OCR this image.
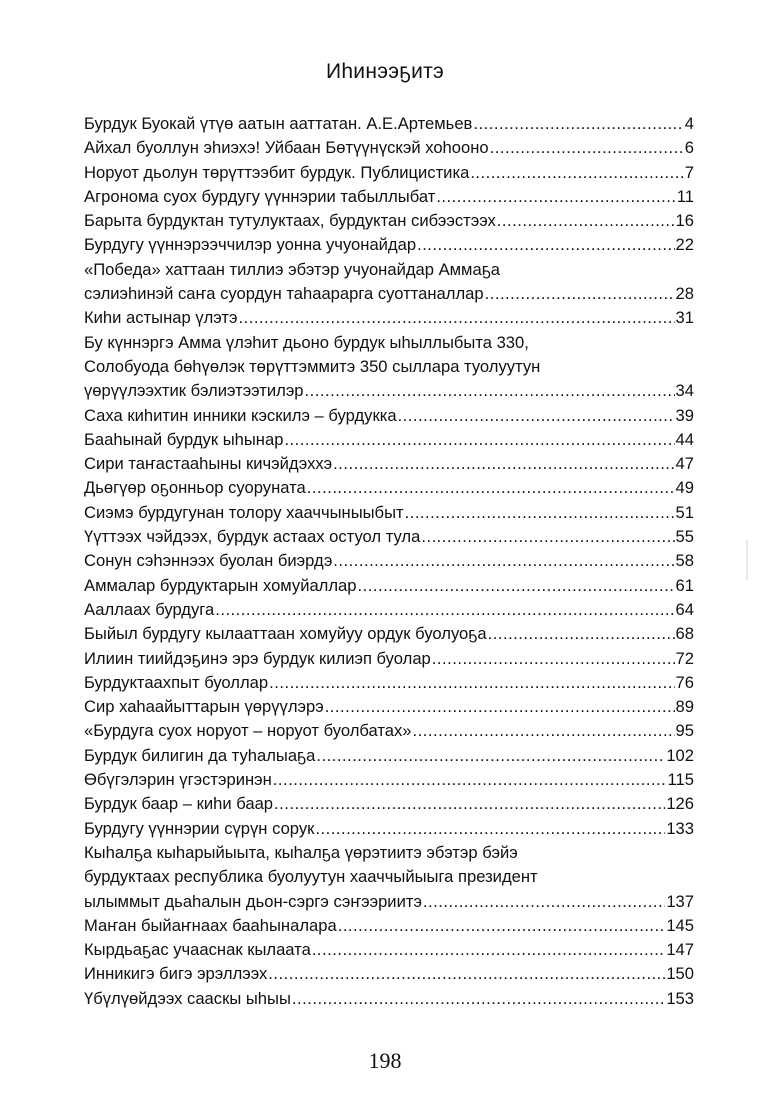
Иhинээҕитэ
Бурдук Буокай үтүө аатын ааттатан. А.Е.Артемьев .....	4
Айхал буоллун эhиэхэ! Уйбаан Бөтүүнүскэй хоhооно .....	6
Норуот дьолун төрүттээбит бурдук. Публицистика .....	7
Агронома суох бурдугу үүннэрии табыллыбат .....	11
Барыта бурдуктан тутулуктаах, бурдуктан сибээстээх .....	16
Бурдугу үүннэрээччилэр уонна учуонайдар .....	22
«Победа» хаттаан тиллиэ эбэтэр учуонайдар Аммаҕа
сэлиэhинэй саҥа суордун таhаарарга суоттаналлар .....	28
Киhи астынар үлэтэ .....	31
Бу күннэргэ Амма үлэhит дьоно бурдук ыhыллыбыта 330,
Солобуода бөhүөлэк төрүттэммитэ 350 сыллара туолуутун
үөрүүлээхтик бэлиэтээтилэр .....	34
Саха киhитин инники кэскилэ – бурдукка .....	39
Бааhынай бурдук ыhынар .....	44
Сири таҥастааhыны кичэйдэххэ .....	47
Дьөгүөр оҕонньор суоруната .....	49
Сиэмэ бурдугунан толору хааччыныыбыт .....	51
Үүттээх чэйдээх, бурдук астаах остуол тула .....	55
Сонун сэhэннээх буолан биэрдэ .....	58
Аммалар бурдуктарын хомуйаллар .....	61
Ааллаах бурдуга .....	64
Быйыл бурдугу кылааттаан хомуйуу ордук буолуоҕа .....	68
Илиин тиийдэҕинэ эрэ бурдук килиэп буолар .....	72
Бурдуктаахпыт буоллар .....	76
Сир хаhаайыттарын үөрүүлэрэ .....	89
«Бурдуга суох норуот – норуот буолбатах» .....	95
Бурдук билигин да туhалыаҕа .....	102
Өбүгэлэрин үгэстэринэн .....	115
Бурдук баар – киhи баар .....	126
Бурдугу үүннэрии сүрүн сорук .....	133
Кыhалҕа кыhарыйыыта, кыhалҕа үөрэтиитэ эбэтэр бэйэ
бурдуктаах республика буолуутун хааччыйыыга президент
ылыммыт дьаhалын дьон-сэргэ сэҥээриитэ .....	137
Маҥан быйаҥнаах бааhыналара .....	145
Кырдьаҕас учааснак кылаата .....	147
Инникигэ бигэ эрэллээх .....	150
Үбүлүөйдээх сааскы ыhыы .....	153
198
